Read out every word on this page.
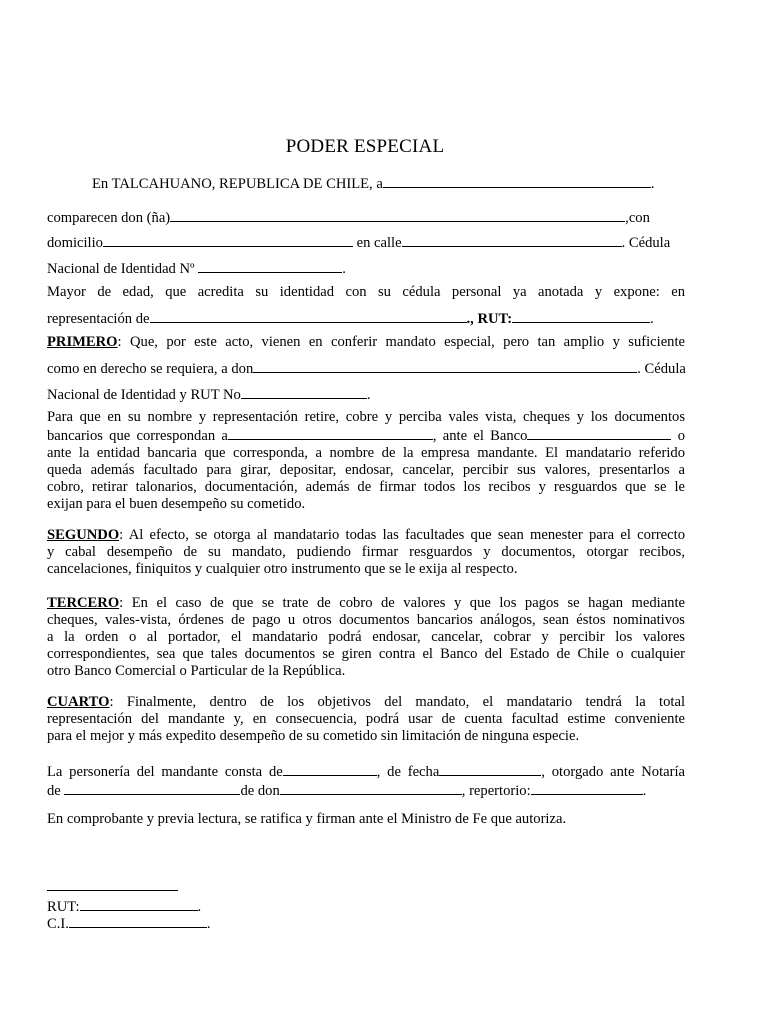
PODER ESPECIAL
En TALCAHUANO, REPUBLICA DE CHILE, a	.
comparecen don (ña)	,con
domicilio	en calle	. Cédula
Nacional de Identidad Nº	.
Mayor de edad, que acredita su identidad con su cédula personal ya anotada y expone: en
representación de	., RUT:	.
PRIMERO: Que, por este acto, vienen en conferir mandato especial, pero tan amplio y suficiente
como en derecho se requiera, a don	. Cédula
Nacional de Identidad y RUT No	.
Para que en su nombre y representación retire, cobre y perciba vales vista, cheques y los documentos
bancarios que correspondan a	, ante el Banco	o
ante la entidad bancaria que corresponda, a nombre de la empresa mandante. El mandatario referido
queda además facultado para girar, depositar, endosar, cancelar, percibir sus valores, presentarlos a
cobro, retirar talonarios, documentación, además de firmar todos los recibos y resguardos que se le
exijan para el buen desempeño su cometido.
SEGUNDO: Al efecto, se otorga al mandatario todas las facultades que sean menester para el correcto
y cabal desempeño de su mandato, pudiendo firmar resguardos y documentos, otorgar recibos,
cancelaciones, finiquitos y cualquier otro instrumento que se le exija al respecto.
TERCERO: En el caso de que se trate de cobro de valores y que los pagos se hagan mediante
cheques, vales-vista, órdenes de pago u otros documentos bancarios análogos, sean éstos nominativos
a la orden o al portador, el mandatario podrá endosar, cancelar, cobrar y percibir los valores
correspondientes, sea que tales documentos se giren contra el Banco del Estado de Chile o cualquier
otro Banco Comercial o Particular de la República.
CUARTO: Finalmente, dentro de los objetivos del mandato, el mandatario tendrá la total
representación del mandante y, en consecuencia, podrá usar de cuenta facultad estime conveniente
para el mejor y más expedito desempeño de su cometido sin limitación de ninguna especie.
La personería del mandante consta de	, de fecha	, otorgado ante Notaría
de	de don	, repertorio:	.
En comprobante y previa lectura, se ratifica y firman ante el Ministro de Fe que autoriza.
RUT:	.
C.I.	.
